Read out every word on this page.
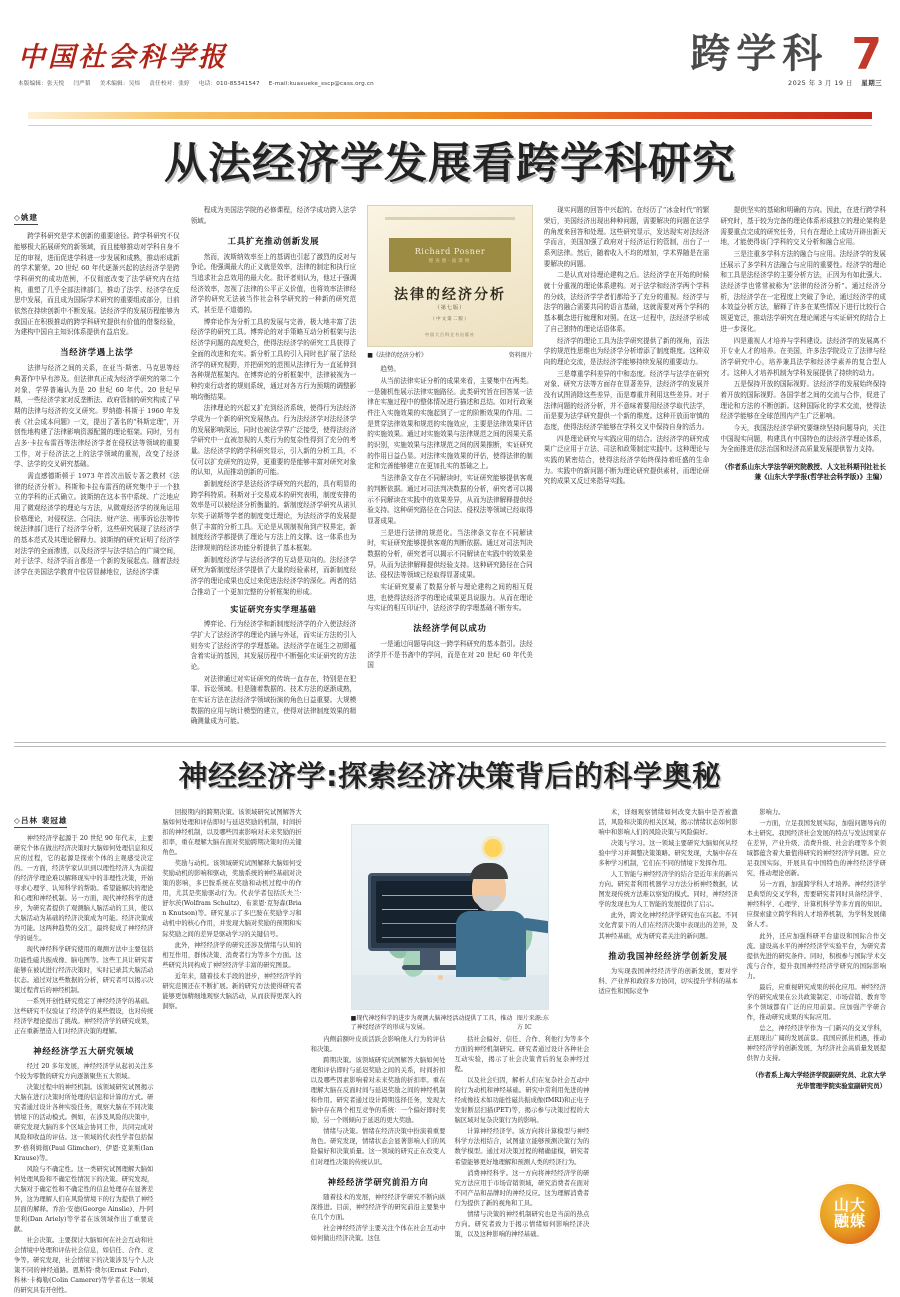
中国社会科学报
本版编辑：张天悦 闫严韬 美术编辑：吴炜 责任校对：张婷 电话：010-85341547 E-mail:kuaxueke_sscp@cass.org.cn
跨学科 7
2025 年 3 月 19 日 星期三
从法经济学发展看跨学科研究
◇姚建

跨学科研究是学术创新的重要途径。跨学科研究不仅能够极大拓展研究的新领域，而且能够推动对学科自身不足的审视，进而促进学科进一步发展和成熟，推动形成新的学术繁荣。20 世纪 60 年代逐渐兴起的法经济学是跨学科研究的成功范例，不仅彻底改变了法学研究内在结构，重塑了几乎全部法律部门，推动了法学、经济学在反思中发展，而且成为国际学术研究的重要组成部分，目前依然在持续创新中不断发展。法经济学的发展历程能够为我国正在积极推动的跨学科研究提供有价值的借鉴经验，为建构中国自主知识体系提供有益启发。

当经济学遇上法学

法律与经济之间的关系，在亚当·斯密、马克思等经典著作中早有涉及。但法律真正成为经济学研究的第二个对象，学界普遍认为是 20 世纪 60 年代。20 世纪早期，一些经济学家对反垄断法、政府管制的研究构成了早期的法律与经济的交叉研究。罗纳德·科斯于 1960 年发表《社会成本问题》一文，提出了著名的“科斯定理”，开创性地构建了法律影响资源配置的理论框架。同时，另有吉多·卡拉布雷西等法律经济学者在侵权法等领域的重要工作，对于经济法之上的法学领域的重视，改变了经济学、法学的交叉研究基础。

需直感德斯顿于 1973 年首次出版专著之教材《法律的经济分析》。科斯和卡拉布雷西的研究集中于一个独立的学科的正式确立。波斯纳在这本书中系统、广泛地应用了微观经济学的理论与方法，从微观经济学的视角运用价格理论，对侵权法、合同法、财产法、刑事诉讼法等传统法律部门进行了经济学分析，这些研究展现了法经济学的基本范式及其理论解释力。波斯纳的研究证明了经济学对法学的全面渗透，以及经济学与法学结合的广阔空间，对于法学、经济学而言都是一个新的发展起点。随着法经济学在美国法学教育中位居显赫地位，法经济学课

程成为美国法学院的必修课程，经济学成功跨入法学领域。

工具扩充推动创新发展

然而，波斯纳效率至上的基调也引起了激烈的反对与争论。他强调最大的正义就是效率，法律的制定和执行应当追求社会总效用的最大化。批评者则认为，他过于强调经济效率，忽视了法律的公平正义价值，也将效率法律经济学的研究无法被当作社会科学研究的一种新的研究范式，甚至是不道德的。

博弈论作为分析工具的发展与完善，极大地丰富了法经济学的研究工具。博弈论的对手策略互动分析框架与法经济学问题的高度契合，使得法经济学的研究工具获得了全面的改进和充实。新分析工具的引入同时也扩展了法经济学的研究视野，并把研究的范围从法律行为一直延伸到各种规范框架内。在博弈论的分析框架中，法律被视为一种约束行动者的规则系统，通过对各方行为预期的调整影响均衡结果。

法律理论的兴起又扩充到经济系统，使得行为法经济学成为一个新的研究发展热点。行为法经济学对法经济学的发展影响深远，同时也被法学界广泛接受，使得法经济学研究中一直被忽视的人类行为的复杂性得到了充分的考量。法经济学的跨学科研究显示，引入新的分析工具，不仅可以扩充研究的边界，更重要的是能够丰富对研究对象的认知，从而推动创新的可能。

新制度经济学是法经济学研究的兴起的，具有明显的跨学科特质。科斯对于交易成本的研究表明，制度安排的效率是可以被经济分析衡量的。新制度经济学研究从诺贝尔奖于诺斯等学者的制度变迁理论，为法经济学的发展提供了丰富的分析工具。无论是从规制视角到产权界定，新制度经济学都提供了理论与方法上的支撑。这一体系也为法律规则的经济功能分析提供了基本框架。

新制度经济学与法经济学的互动是双向的。法经济学研究为新制度经济学提供了大量的经验素材，而新制度经济学的理论成果也反过来促进法经济学的深化。两者的结合推动了一个更加完整的分析框架的形成。

实证研究夯实学理基础

博弈论、行为经济学和新制度经济学的介入使法经济学扩大了法经济学的理论内涵与外延，而实证方法的引入则夯实了法经济学的学理基础。法经济学在诞生之初即蕴含着实证的基因，其发展历程中不断强化实证研究的方法论。

对法律通过对实证研究的传统一直存在，特别是在犯罪、诉讼领域。但是随着数据的、技术方法的逐渐成熟，在实证方法在法经济学领域扮演的角色日益重要。大规模数据的应用与统计模型的建立，使得对法律制度效果的精确测量成为可能。

Richard Posner
理查德·波斯纳
法律的经济分析
（第七版）
（中文第二版）
中国大百科全书出版社
■《法律的经济分析》	资料图片

趋势。

从当前法律实证分析的成果来看，主要集中在两类。一是随机性展示法律实施路径。此类研究旨在回答某一法律在实施过程中的整体情况进行描述和总结。如对行政案件注入实施效果的实施起到了一定的阶断效果的作用。二是贯穿法律效果和规范的实施效应，主要是法律效果评估的实施效果。通过对实施效果与法律规范之间的因果关系的识别，实施效果与法律规范之间的因果推断，实证研究的作用日益凸显。对法律实施效果的评估，使得法律的制定和完善能够建立在更加扎实的基础之上。

当法律条文存在不同解读时，实证研究能够提供客观的判断依据。通过对司法判决数据的分析，研究者可以揭示不同解读在实践中的效果差异，从而为法律解释提供经验支持。这种研究路径在合同法、侵权法等领域已经取得显著成果。

三是进行法律的规范化。当法律条文存在不同解读时，实证研究能够提供客观的判断依据。通过对司法判决数据的分析，研究者可以揭示不同解读在实践中的效果差异，从而为法律解释提供经验支持。这种研究路径在合同法、侵权法等领域已经取得显著成果。

实证研究要素了数据分析与理论建构之间的相互促进，也使得法经济学的理论成果更具说服力。从而在理论与实证的相互印证中，法经济学的学理基础不断夯实。

法经济学何以成功

一是通过问题导向这一跨学科研究的基本指引。法经济学并不是书斋中的学问，而是在对 20 世纪 60 年代美国

现实问题的回答中兴起的。在经历了“冰金时代”的繁荣后，美国经济出现出种种问题，需要解决的问题在法学的角度来回答和处理。这些研究显示，发达现实对法经济学而言，美国加强了政府对于经济运行的管制，出台了一系列法律。然后，随着收入不均的增加，学术界随是在需要解决的问题。

二是认真对待理论建构之后。法经济学在开始的时候就十分重视的理论体系建构。对于法学和经济学两个学科的分歧，法经济学学者们都给予了充分的重视。经济学与法学的融合需要共同的语言基础，这就需要对两个学科的基本概念进行梳理和对照。在这一过程中，法经济学形成了自己独特的理论话语体系。

经济学的理论工具为法学研究提供了新的视角，而法学的规范性思维也为经济学分析增添了制度维度。这种双向的理论交流，是法经济学能够持续发展的重要动力。

三是尊重学科差异的中和态度。经济学与法学在研究对象、研究方法等方面存在显著差异，法经济学的发展并没有试图消除这些差异，而是尊重并利用这些差异。对于法律问题的经济分析，并不意味着要用经济学取代法学，而是要为法学研究提供一个新的维度。这种开放而审慎的态度，使得法经济学能够在学科交叉中保持自身的活力。

四是理论研究与实践应用的结合。法经济学的研究成果广泛应用于立法、司法和政策制定实践中。这种理论与实践的紧密结合，使得法经济学始终保持着旺盛的生命力。实践中的新问题不断为理论研究提供素材，而理论研究的成果又反过来指导实践。

提供坚实的基础和明确的方向。因此，在进行跨学科研究时，基于较为完备的理论体系形成独立的理论架构是需要重点完成的研究任务，只有在理论上成功开辟出新天地，才能使得该门学科的交叉分析和融合应用。

三是注重多学科方法的融合与应用。法经济学的发展还展示了多学科方法融合与应用的重要性。经济学的理论和工具是法经济学的主要分析方法，正因为有如此强大、法经济学也常常被称为“法律的经济分析”。通过经济分析，法经济学在一定程度上突破了争论，通过经济学的成本效益分析方法，解释了许多在某些情况下进行比较行合规更宽泛，推动法学研究在理论阐述与实证研究的结合上进一步深化。

四是重视人才培养与学科建设。法经济学的发展离不开专业人才的培养。在美国，许多法学院设立了法律与经济学研究中心，培养兼具法学和经济学素养的复合型人才。这种人才培养机制为学科发展提供了持续的动力。

五是保持开放的国际视野。法经济学的发展始终保持着开放的国际视野。各国学者之间的交流与合作，促进了理论和方法的不断创新。这种国际化的学术交流，使得法经济学能够在全球范围内产生广泛影响。

今天，我国法经济学研究要继续坚持问题导向，关注中国现实问题，构建具有中国特色的法经济学理论体系，为全面推进依法治国和经济高质量发展提供智力支持。

（作者系山东大学法学研究院教授、人文社科期刊社社长兼《山东大学学报(哲学社会科学版)》主编）
神经经济学:探索经济决策背后的科学奥秘
◇吕林 裴冠雄

神经经济学起源于 20 世纪 90 年代末，主要研究个体在做出经济决策时大脑如何处理信息和反应的过程，它的起源是探索个体的主观感受决定的。一方面，经济学家认识到以理性经济人为前提的经济学理论难以解释现实中的非理性决策，开始寻求心理学、认知科学的帮助。希望能解决的理论和心理和神经机制。另一方面，现代神经科学的进步，为研究者提供了观测脑人脑活动的工具，使以大脑活动为基础的经济决策成为可能。经济决策成为可能。这两种趋势的交汇，最终促成了神经经济学的诞生。

现代神经科学研究使用的观测方法中主要包括功能性磁共振成像、脑电图等。这些工具让研究者能够在被试进行经济决策时，实时记录其大脑活动状态。通过对这些数据的分析，研究者可以揭示决策过程背后的神经机制。

一系列开创性研究奠定了神经经济学的基础。这些研究不仅验证了经济学的某些假设，也对传统经济学理论提出了挑战。神经经济学的研究成果，正在重新塑造人们对经济决策的理解。

神经经济学五大研究领域

经过 20 多年发展，神经经济学从起初关注多个较为零散的研究方向逐渐聚焦五大领域。

决策过程中的神经机制。该领域研究试图揭示大脑在进行决策时所处理的信息和计算的方式。研究者通过设计各种实验任务，观察大脑在不同决策情境下的活动模式。例如，在涉及风险的决策中，研究发现大脑的多个区域会协同工作，共同完成对风险和收益的评估。这一领域的代表性学者包括保罗·格利姆彻(Paul Glimcher)、伊恩·克莱斯(Ian Krause)等。

风险与不确定性。这一类研究试图理解大脑如何处理风险和不确定性情况下的决策。研究发现，大脑对于确定性和不确定性的信息处理存在显著差异，这为理解人们在风险情境下的行为提供了神经层面的解释。乔治·安德(George Ainslie)、丹·阿里利(Dan Ariely)等学者在该领域作出了重要贡献。

社会决策。主要探讨大脑如何在社会互动和社会情境中处理和评估社会信息，如信任、合作、竞争等。研究发现，社会情境下的决策涉及与个人决策不同的神经通路。恩斯特·费尔(Ernst Fehr)、科林·卡梅勒(Colin Camerer)等学者在这一领域的研究具有开创性。

回报期内的跨期决策。该领域研究试图解答大脑如何处理和评估即时与延迟奖励的机制，时间折扣的神经机制，以及哪些因素影响对未来奖励的折扣率，重在理解大脑在面对奖励跨期决策时的关键角色。

奖励与动机。该领域研究试图解释大脑如何受奖励动机的影响和驱动，奖励系统的神经基础对决策的影响，多巴胺系统在奖励和动机过程中的作用，尤其是奖励驱动行为。代表学者包括沃夫兰·舒尔茨(Wolfram Schultz)、布莱恩·克努森(Brian Knutson)等。研究显示了多巴胺在奖励学习和动机中的核心作用，并发现大脑对奖励的预期和实际奖励之间的差异是驱动学习的关键信号。

此外，神经经济学的研究还涉及情绪与认知的相互作用、群体决策、消费者行为等多个方面。这些研究共同构成了神经经济学丰富的研究图景。

近年来，随着技术手段的进步，神经经济学的研究范围还在不断扩展。新的研究方法使得研究者能够更加精细地观察大脑活动，从而获得更深入的洞察。

■现代神经科学的进步为观测大脑神经活动提供了工具，推动了神经经济学的形成与发展。
图片来源:东方 IC

内侧前额叶皮质活跃会影响他人行为的评估和决策。

跨期决策。该领域研究试图解答大脑如何处理和评估即时与延迟奖励之间的关系，时间折扣以及哪些因素影响着对未来奖励的折扣率。重在理解大脑在反面时间与延迟奖励之间的神经机制和作用。研究者通过设计跨期选择任务，发现大脑中存在两个相互竞争的系统：一个偏好即时奖励，另一个则倾向于延迟的更大奖励。

情绪与决策。情绪在经济决策中扮演着重要角色。研究发现，情绪状态会显著影响人们的风险偏好和决策质量。这一领域的研究正在改变人们对理性决策的传统认识。

神经经济学研究前沿方向

随着技术的发展，神经经济学研究不断向纵深推进。目前，神经经济学的研究前沿主要集中在几个方面。

社会神经经济学主要关注个体在社会互动中如何做出经济决策。这包

括社会偏好、信任、合作、利他行为等多个方面的神经机制研究。研究者通过设计各种社会互动实验，揭示了社会决策背后的复杂神经过程。

以及社会归因，解析人们在复杂社会互动中的行为动机和神经基础。研究中常利用先进的神经成像技术如功能性磁共振成像(fMRI)和正电子发射断层扫描(PET)等，揭示参与决策过程的大脑区域对复杂决策行为的影响。

计算神经经济学。该方向将计算模型与神经科学方法相结合，试图建立能够预测决策行为的数学模型。通过对决策过程的精确建模，研究者希望能够更好地理解和预测人类的经济行为。

消费神经科学。这一方向将神经经济学的研究方法应用于市场营销领域，研究消费者在面对不同产品和品牌时的神经反应。这为理解消费者行为提供了新的视角和工具。

情绪与决策的神经机制研究也是当前的热点方向。研究者致力于揭示情绪如何影响经济决策，以及这种影响的神经基础。

术，详细观察情绪如何改变大脑中是否被激活，风险和决策的相关区域，揭示情绪状态如何影响中和影响人们的风险决策与风险偏好。

决策与学习。这一领域主要研究大脑如何从经验中学习并调整决策策略。研究发现，大脑中存在多种学习机制，它们在不同的情境下发挥作用。

人工智能与神经经济学的结合是近年来的新兴方向。研究者利用机器学习方法分析神经数据，试图发现传统方法难以察觉的模式。同时，神经经济学的发现也为人工智能的发展提供了启示。

此外，跨文化神经经济学研究也在兴起。不同文化背景下的人们在经济决策中表现出的差异，及其神经基础，成为研究者关注的新问题。

推动我国神经经济学创新发展

为实现我国神经经济学的创新发展，要对学科、产业界和政府多方协同，切实提升学科的基本适应性和国际竞争

影响力。

一方面，立足我国发展实际，加强问题导向的本土研究。我国经济社会发展的特点与发达国家存在差异，产业升级、消费升级、社会治理等多个领域都蕴含着大量值得研究的神经经济学问题。应立足我国实际，开展具有中国特色的神经经济学研究，推动理论创新。

另一方面，加强跨学科人才培养。神经经济学是典型的交叉学科，需要研究者同时具备经济学、神经科学、心理学、计算机科学等多方面的知识。应探索建立跨学科的人才培养机制，为学科发展储备人才。

此外，还应加强科研平台建设和国际合作交流。建设高水平的神经经济学实验平台，为研究者提供先进的研究条件。同时，积极参与国际学术交流与合作，提升我国神经经济学研究的国际影响力。

最后，应重视研究成果的转化应用。神经经济学的研究成果在公共政策制定、市场营销、教育等多个领域都有广泛的应用前景。应加强产学研合作，推动研究成果的实际应用。

总之，神经经济学作为一门新兴的交叉学科，正展现出广阔的发展前景。我国应抓住机遇，推动神经经济学的创新发展，为经济社会高质量发展提供智力支持。

（作者系上海大学经济学院副研究员、北京大学光华管理学院实验室副研究员）
山大
融媒
